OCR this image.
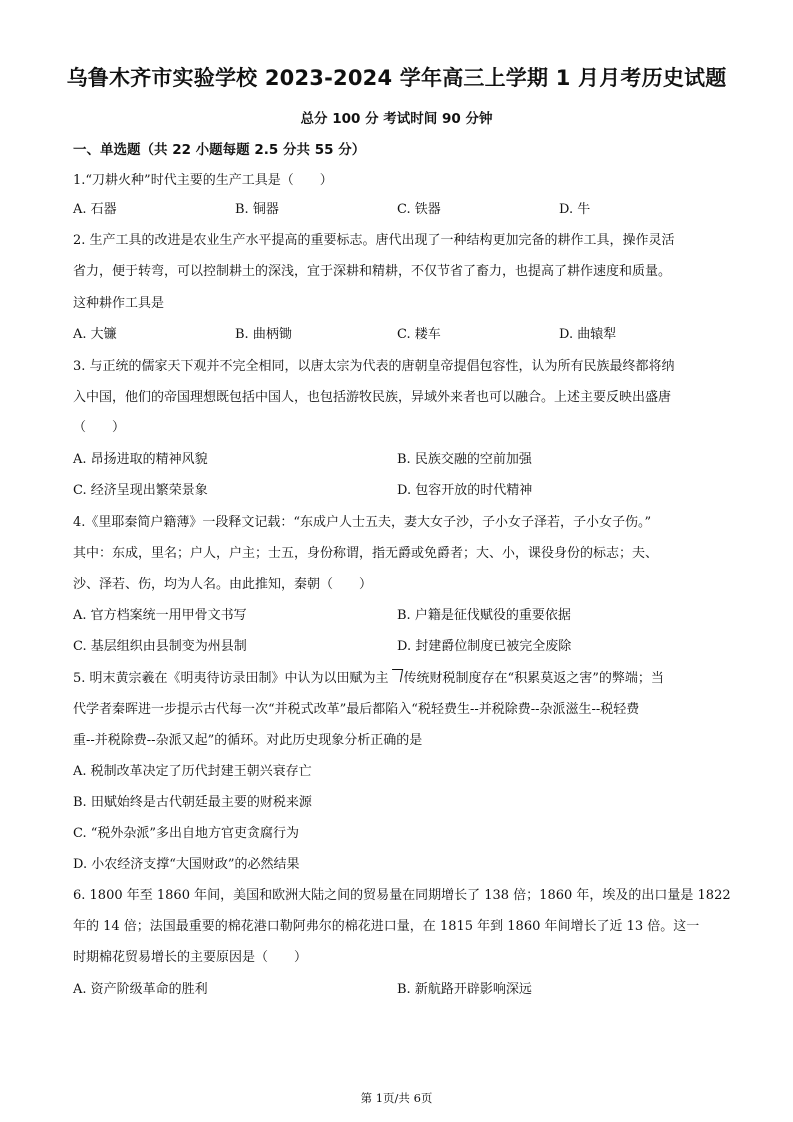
乌鲁木齐市实验学校 2023-2024 学年高三上学期 1 月月考历史试题
总分 100 分 考试时间 90 分钟
一、单选题（共 22 小题每题 2.5 分共 55 分）
1.“刀耕火种”时代主要的生产工具是（　　）
A. 石器	B. 铜器	C. 铁器	D. 牛
2. 生产工具的改进是农业生产水平提高的重要标志。唐代出现了一种结构更加完备的耕作工具，操作灵活
省力，便于转弯，可以控制耕土的深浅，宜于深耕和精耕，不仅节省了畜力，也提高了耕作速度和质量。
这种耕作工具是
A. 大镰	B. 曲柄锄	C. 耧车	D. 曲辕犁
3. 与正统的儒家天下观并不完全相同，以唐太宗为代表的唐朝皇帝提倡包容性，认为所有民族最终都将纳
入中国，他们的帝国理想既包括中国人，也包括游牧民族，异域外来者也可以融合。上述主要反映出盛唐
（　　）
A. 昂扬进取的精神风貌	B. 民族交融的空前加强
C. 经济呈现出繁荣景象	D. 包容开放的时代精神
4.《里耶秦简户籍薄》一段释文记载：“东成户人士五夫，妻大女子沙，子小女子泽若，子小女子伤。”
其中：东成，里名；户人，户主；士五，身份称谓，指无爵或免爵者；大、小，课役身份的标志；夫、
沙、泽若、伤，均为人名。由此推知，秦朝（　　）
A. 官方档案统一用甲骨文书写	B. 户籍是征伐赋役的重要依据
C. 基层组织由县制变为州县制	D. 封建爵位制度已被完全废除
5. 明末黄宗羲在《明夷待访录田制》中认为以田赋为主 传统财税制度存在“积累莫返之害”的弊端；当
代学者秦晖进一步提示古代每一次“并税式改革”最后都陷入“税轻费生--并税除费--杂派滋生--税轻费
重--并税除费--杂派又起”的循环。对此历史现象分析正确的是
A. 税制改革决定了历代封建王朝兴衰存亡
B. 田赋始终是古代朝廷最主要的财税来源
C. “税外杂派”多出自地方官吏贪腐行为
D. 小农经济支撑“大国财政”的必然结果
6. 1800 年至 1860 年间，美国和欧洲大陆之间的贸易量在同期增长了 138 倍；1860 年，埃及的出口量是 1822
年的 14 倍；法国最重要的棉花港口勒阿弗尔的棉花进口量，在 1815 年到 1860 年间增长了近 13 倍。这一
时期棉花贸易增长的主要原因是（　　）
A. 资产阶级革命的胜利	B. 新航路开辟影响深远
第 1页/共 6页
